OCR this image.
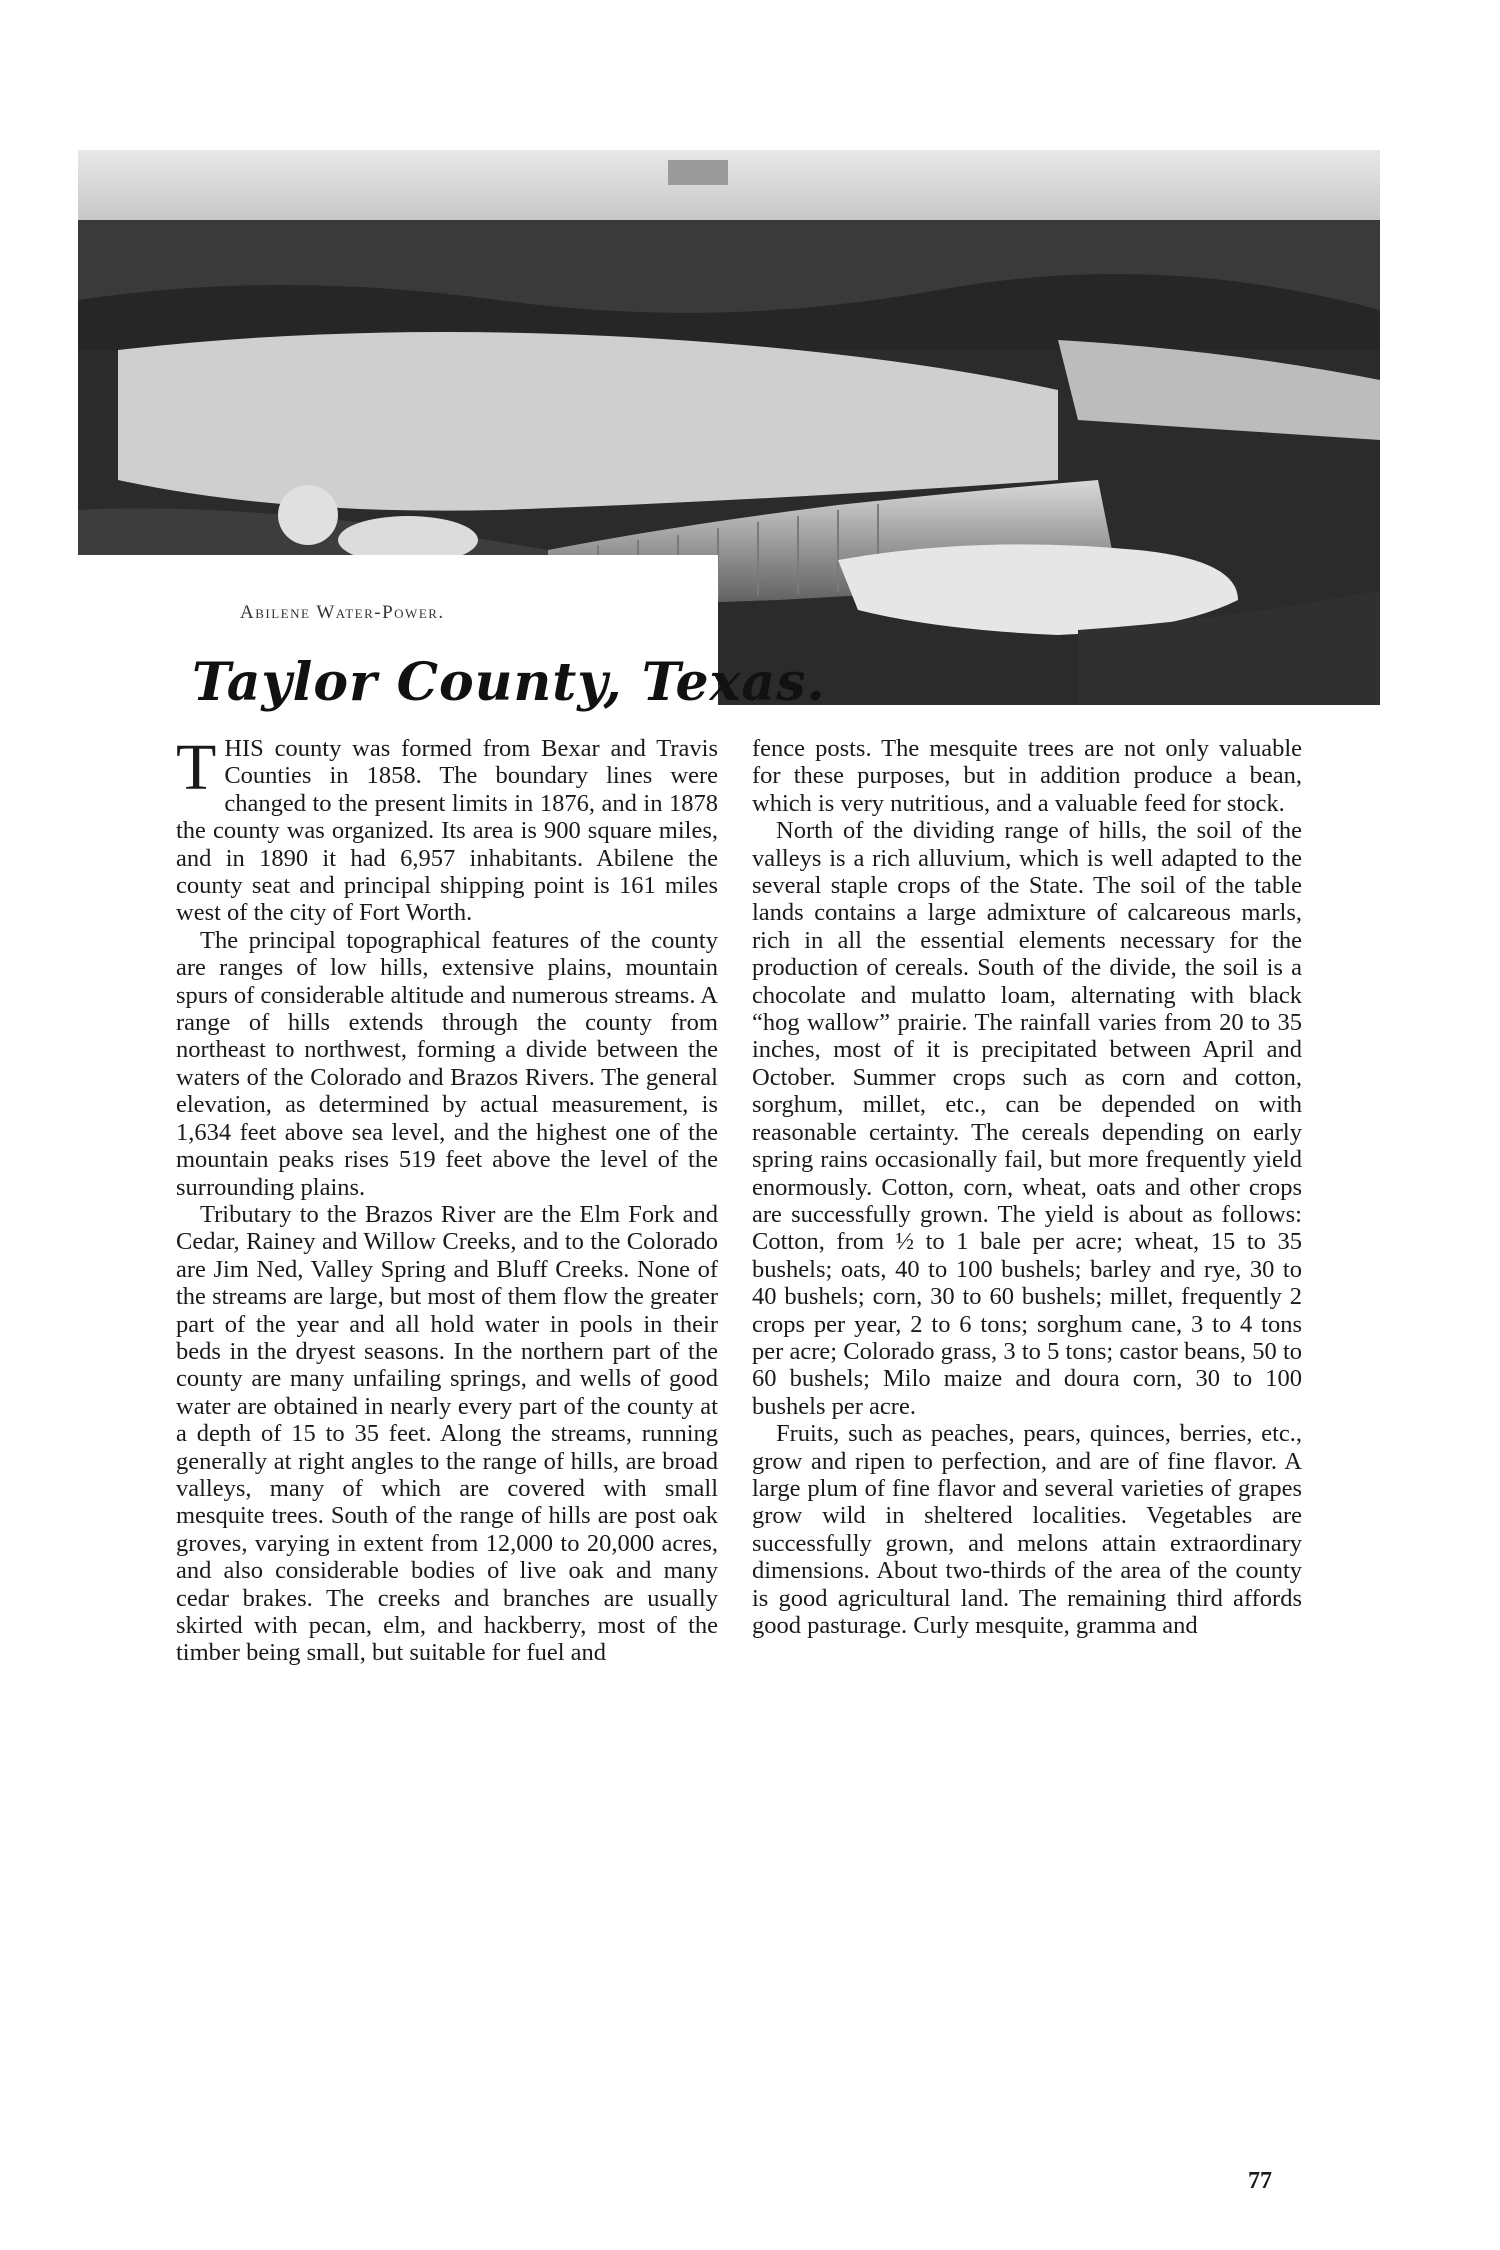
Abilene Water-Power.
Taylor County, Texas.

THIS county was formed from Bexar and Travis Counties in 1858. The boundary lines were changed to the present limits in 1876, and in 1878 the county was organized. Its area is 900 square miles, and in 1890 it had 6,957 inhabitants. Abilene the county seat and principal shipping point is 161 miles west of the city of Fort Worth.

The principal topographical features of the county are ranges of low hills, extensive plains, mountain spurs of considerable altitude and numerous streams. A range of hills extends through the county from northeast to northwest, forming a divide between the waters of the Colorado and Brazos Rivers. The general elevation, as determined by actual measurement, is 1,634 feet above sea level, and the highest one of the mountain peaks rises 519 feet above the level of the surrounding plains.

Tributary to the Brazos River are the Elm Fork and Cedar, Rainey and Willow Creeks, and to the Colorado are Jim Ned, Valley Spring and Bluff Creeks. None of the streams are large, but most of them flow the greater part of the year and all hold water in pools in their beds in the dryest seasons. In the northern part of the county are many unfailing springs, and wells of good water are obtained in nearly every part of the county at a depth of 15 to 35 feet. Along the streams, running generally at right angles to the range of hills, are broad valleys, many of which are covered with small mesquite trees. South of the range of hills are post oak groves, varying in extent from 12,000 to 20,000 acres, and also considerable bodies of live oak and many cedar brakes. The creeks and branches are usually skirted with pecan, elm, and hackberry, most of the timber being small, but suitable for fuel and

fence posts. The mesquite trees are not only valuable for these purposes, but in addition produce a bean, which is very nutritious, and a valuable feed for stock.

North of the dividing range of hills, the soil of the valleys is a rich alluvium, which is well adapted to the several staple crops of the State. The soil of the table lands contains a large admixture of calcareous marls, rich in all the essential elements necessary for the production of cereals. South of the divide, the soil is a chocolate and mulatto loam, alternating with black “hog wallow” prairie. The rainfall varies from 20 to 35 inches, most of it is precipitated between April and October. Summer crops such as corn and cotton, sorghum, millet, etc., can be depended on with reasonable certainty. The cereals depending on early spring rains occasionally fail, but more frequently yield enormously. Cotton, corn, wheat, oats and other crops are successfully grown. The yield is about as follows: Cotton, from ½ to 1 bale per acre; wheat, 15 to 35 bushels; oats, 40 to 100 bushels; barley and rye, 30 to 40 bushels; corn, 30 to 60 bushels; millet, frequently 2 crops per year, 2 to 6 tons; sorghum cane, 3 to 4 tons per acre; Colorado grass, 3 to 5 tons; castor beans, 50 to 60 bushels; Milo maize and doura corn, 30 to 100 bushels per acre.

Fruits, such as peaches, pears, quinces, berries, etc., grow and ripen to perfection, and are of fine flavor. A large plum of fine flavor and several varieties of grapes grow wild in sheltered localities. Vegetables are successfully grown, and melons attain extraordinary dimensions. About two-thirds of the area of the county is good agricultural land. The remaining third affords good pasturage. Curly mesquite, gramma and

77
